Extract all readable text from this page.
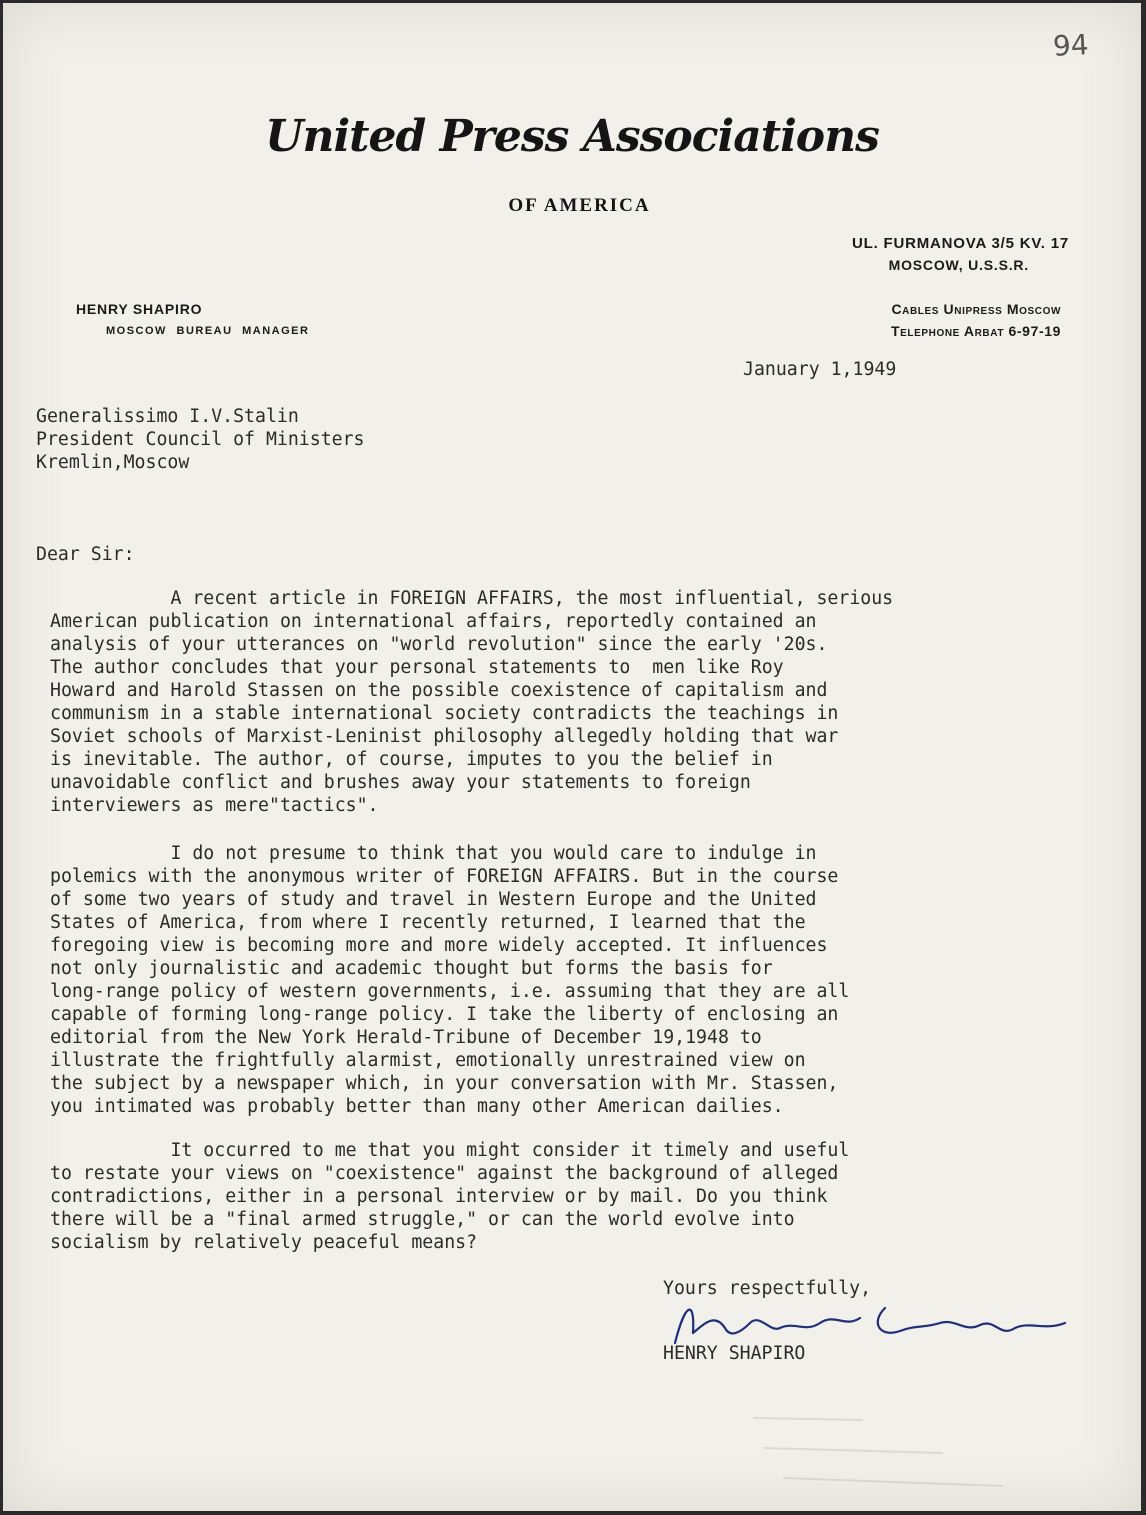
94
United Press Associations
OF AMERICA
UL. FURMANOVA 3/5 KV. 17
MOSCOW, U.S.S.R.
HENRY SHAPIRO
MOSCOW BUREAU MANAGER
Cables Unipress Moscow
Telephone Arbat 6-97-19
January 1,1949
Generalissimo I.V.Stalin
President Council of Ministers
Kremlin,Moscow
Dear Sir:
A recent article in FOREIGN AFFAIRS, the most influential, serious
American publication on international affairs, reportedly contained an
analysis of your utterances on "world revolution" since the early '20s.
The author concludes that your personal statements to  men like Roy
Howard and Harold Stassen on the possible coexistence of capitalism and
communism in a stable international society contradicts the teachings in
Soviet schools of Marxist-Leninist philosophy allegedly holding that war
is inevitable. The author, of course, imputes to you the belief in
unavoidable conflict and brushes away your statements to foreign
interviewers as mere"tactics".
I do not presume to think that you would care to indulge in
polemics with the anonymous writer of FOREIGN AFFAIRS. But in the course
of some two years of study and travel in Western Europe and the United
States of America, from where I recently returned, I learned that the
foregoing view is becoming more and more widely accepted. It influences
not only journalistic and academic thought but forms the basis for
long-range policy of western governments, i.e. assuming that they are all
capable of forming long-range policy. I take the liberty of enclosing an
editorial from the New York Herald-Tribune of December 19,1948 to
illustrate the frightfully alarmist, emotionally unrestrained view on
the subject by a newspaper which, in your conversation with Mr. Stassen,
you intimated was probably better than many other American dailies.
It occurred to me that you might consider it timely and useful
to restate your views on "coexistence" against the background of alleged
contradictions, either in a personal interview or by mail. Do you think
there will be a "final armed struggle," or can the world evolve into
socialism by relatively peaceful means?
Yours respectfully,
HENRY SHAPIRO
